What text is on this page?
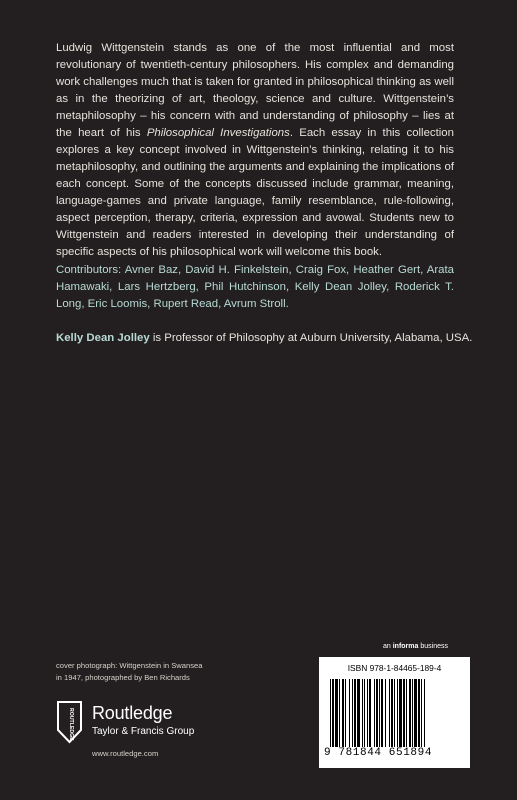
Ludwig Wittgenstein stands as one of the most influential and most revolutionary of twentieth-century philosophers. His complex and demanding work challenges much that is taken for granted in philosophical thinking as well as in the theorizing of art, theology, science and culture. Wittgenstein’s metaphilosophy – his concern with and understanding of philosophy – lies at the heart of his Philosophical Investigations. Each essay in this collection explores a key concept involved in Wittgenstein’s thinking, relating it to his metaphilosophy, and outlining the arguments and explaining the implications of each concept. Some of the concepts discussed include grammar, meaning, language-games and private language, family resemblance, rule-following, aspect perception, therapy, criteria, expression and avowal. Students new to Wittgenstein and readers interested in developing their understanding of specific aspects of his philosophical work will welcome this book.

Contributors: Avner Baz, David H. Finkelstein, Craig Fox, Heather Gert, Arata Hamawaki, Lars Hertzberg, Phil Hutchinson, Kelly Dean Jolley, Roderick T. Long, Eric Loomis, Rupert Read, Avrum Stroll.

Kelly Dean Jolley is Professor of Philosophy at Auburn University, Alabama, USA.

cover photograph: Wittgenstein in Swansea
in 1947, photographed by Ben Richards
ROUTLEDGE Routledge
Taylor & Francis Group
www.routledge.com
an informa business
ISBN 978-1-84465-189-4
9 781844 651894
